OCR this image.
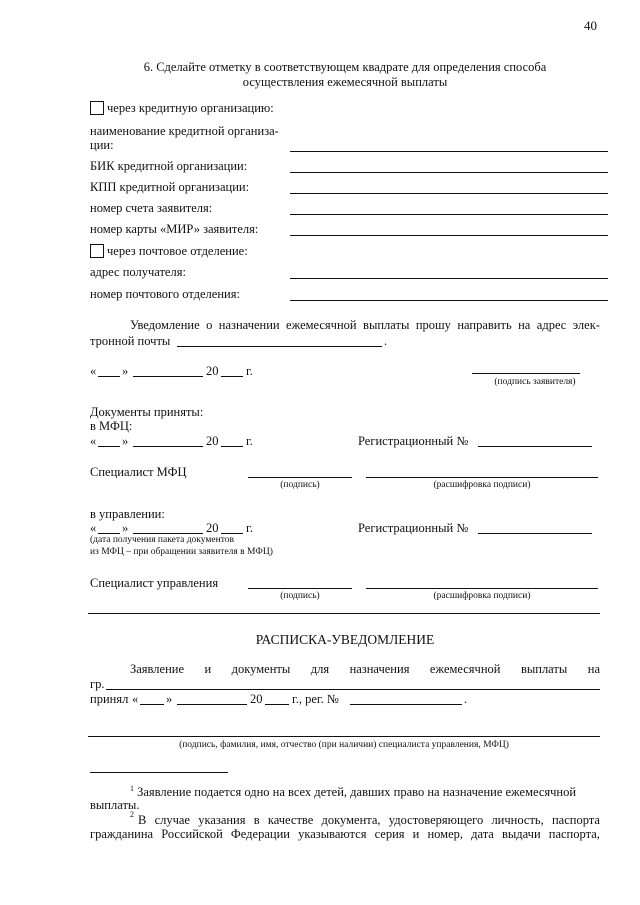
40
6. Сделайте отметку в соответствующем квадрате для определения способа
осуществления ежемесячной выплаты
через кредитную организацию:
наименование кредитной организа-
ции:
БИК кредитной организации:
КПП кредитной организации:
номер счета заявителя:
номер карты «МИР» заявителя:
через почтовое отделение:
адрес получателя:
номер почтового отделения:
Уведомление о назначении ежемесячной выплаты прошу направить на адрес элек-
тронной почты	.
« »	20 г.
(подпись заявителя)
Документы приняты:
в МФЦ:
« »	20 г.	Регистрационный №
Специалист МФЦ
(подпись)	(расшифровка подписи)
в управлении:
« »	20 г.	Регистрационный №
(дата получения пакета документов
из МФЦ – при обращении заявителя в МФЦ)
Специалист управления
(подпись)	(расшифровка подписи)
РАСПИСКА-УВЕДОМЛЕНИЕ
Заявление и документы для назначения ежемесячной выплаты на
гр.
принял « »	20 г., рег. №	.
(подпись, фамилия, имя, отчество (при наличии) специалиста управления, МФЦ)
$^1$ Заявление подается одно на всех детей, давших право на назначение ежемесячной
выплаты.
$^2$ В случае указания в качестве документа, удостоверяющего личность, паспорта
гражданина Российской Федерации указываются серия и номер, дата выдачи паспорта,
